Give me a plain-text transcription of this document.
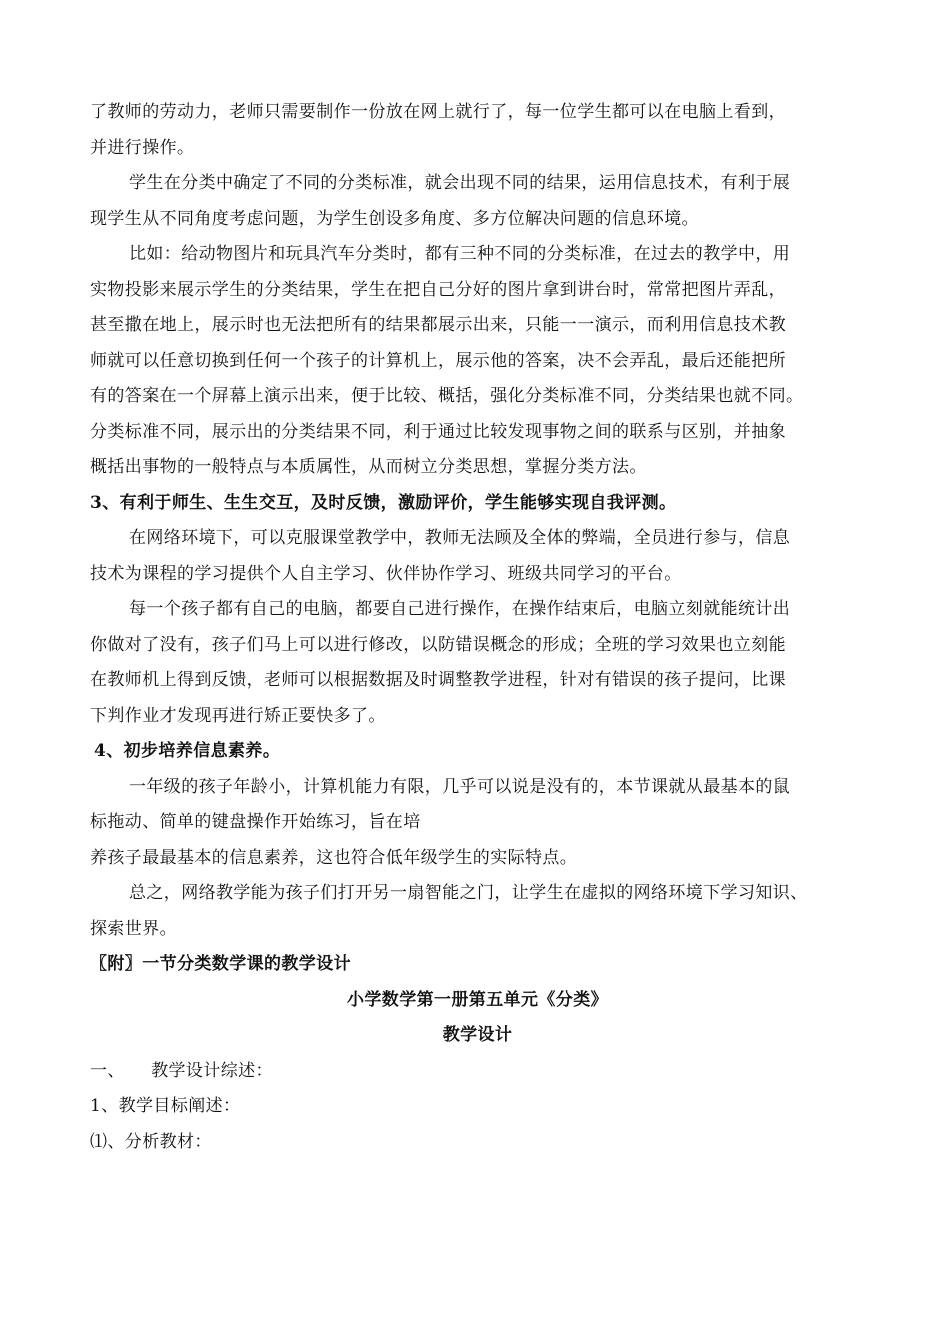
了教师的劳动力，老师只需要制作一份放在网上就行了，每一位学生都可以在电脑上看到，
并进行操作。
学生在分类中确定了不同的分类标准，就会出现不同的结果，运用信息技术，有利于展
现学生从不同角度考虑问题，为学生创设多角度、多方位解决问题的信息环境。
比如：给动物图片和玩具汽车分类时，都有三种不同的分类标准，在过去的教学中，用
实物投影来展示学生的分类结果，学生在把自己分好的图片拿到讲台时，常常把图片弄乱，
甚至撒在地上，展示时也无法把所有的结果都展示出来，只能一一演示，而利用信息技术教
师就可以任意切换到任何一个孩子的计算机上，展示他的答案，决不会弄乱，最后还能把所
有的答案在一个屏幕上演示出来，便于比较、概括，强化分类标准不同，分类结果也就不同。
分类标准不同，展示出的分类结果不同，利于通过比较发现事物之间的联系与区别，并抽象
概括出事物的一般特点与本质属性，从而树立分类思想，掌握分类方法。
3、有利于师生、生生交互，及时反馈，激励评价，学生能够实现自我评测。
在网络环境下，可以克服课堂教学中，教师无法顾及全体的弊端，全员进行参与，信息
技术为课程的学习提供个人自主学习、伙伴协作学习、班级共同学习的平台。
每一个孩子都有自己的电脑，都要自己进行操作，在操作结束后，电脑立刻就能统计出
你做对了没有，孩子们马上可以进行修改，以防错误概念的形成；全班的学习效果也立刻能
在教师机上得到反馈，老师可以根据数据及时调整教学进程，针对有错误的孩子提问，比课
下判作业才发现再进行矫正要快多了。
4、初步培养信息素养。
一年级的孩子年龄小，计算机能力有限，几乎可以说是没有的，本节课就从最基本的鼠
标拖动、简单的键盘操作开始练习，旨在培
养孩子最最基本的信息素养，这也符合低年级学生的实际特点。
总之，网络教学能为孩子们打开另一扇智能之门，让学生在虚拟的网络环境下学习知识、
探索世界。
〖附〗一节分类数学课的教学设计
小学数学第一册第五单元《分类》
教学设计
一、　　教学设计综述：
1、教学目标阐述：
⑴、分析教材：
